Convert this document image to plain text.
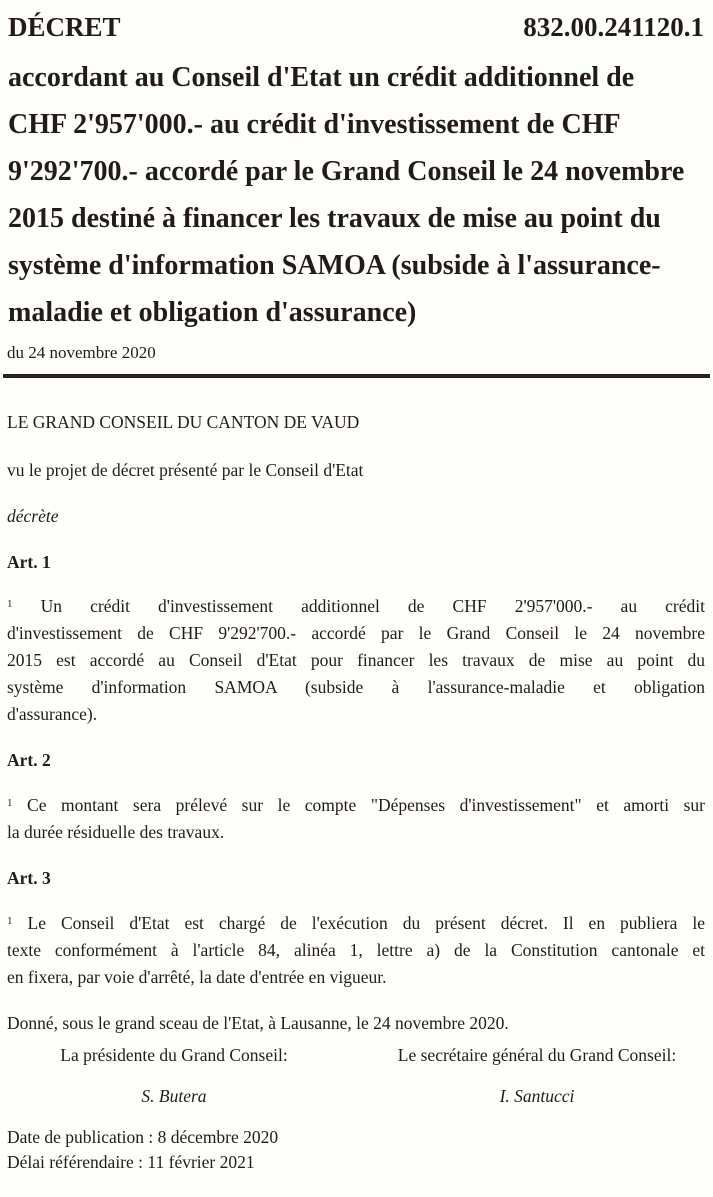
DÉCRET	832.00.241120.1
accordant au Conseil d'Etat un crédit additionnel de
CHF 2'957'000.- au crédit d'investissement de CHF
9'292'700.- accordé par le Grand Conseil le 24 novembre
2015 destiné à financer les travaux de mise au point du
système d'information SAMOA (subside à l'assurance-
maladie et obligation d'assurance)
du 24 novembre 2020
LE GRAND CONSEIL DU CANTON DE VAUD
vu le projet de décret présenté par le Conseil d'Etat
décrète
Art. 1
$^1$ Un crédit d'investissement additionnel de CHF 2'957'000.- au crédit
d'investissement de CHF 9'292'700.- accordé par le Grand Conseil le 24 novembre
2015 est accordé au Conseil d'Etat pour financer les travaux de mise au point du
système d'information SAMOA (subside à l'assurance-maladie et obligation
d'assurance).
Art. 2
$^1$ Ce montant sera prélevé sur le compte "Dépenses d'investissement" et amorti sur
la durée résiduelle des travaux.
Art. 3
$^1$ Le Conseil d'Etat est chargé de l'exécution du présent décret. Il en publiera le
texte conformément à l'article 84, alinéa 1, lettre a) de la Constitution cantonale et
en fixera, par voie d'arrêté, la date d'entrée en vigueur.
Donné, sous le grand sceau de l'Etat, à Lausanne, le 24 novembre 2020.
La présidente du Grand Conseil:
S. Butera
Le secrétaire général du Grand Conseil:
I. Santucci
Date de publication : 8 décembre 2020
Délai référendaire : 11 février 2021
